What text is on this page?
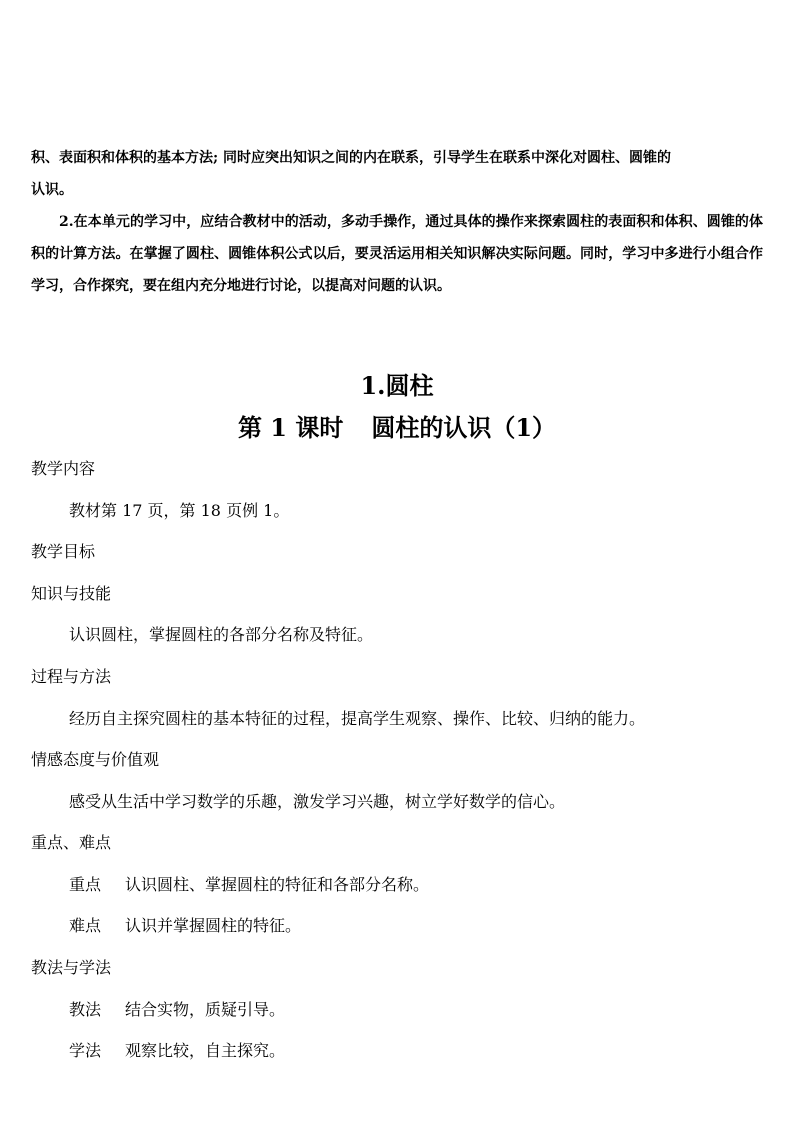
积、表面积和体积的基本方法; 同时应突出知识之间的内在联系，引导学生在联系中深化对圆柱、圆锥的

认识。

2.在本单元的学习中，应结合教材中的活动，多动手操作，通过具体的操作来探索圆柱的表面积和体积、圆锥的体积的计算方法。在掌握了圆柱、圆锥体积公式以后，要灵活运用相关知识解决实际问题。同时，学习中多进行小组合作学习，合作探究，要在组内充分地进行讨论，以提高对问题的认识。

1.圆柱
第 1 课时 圆柱的认识（1）
教学内容
教材第 17 页，第 18 页例 1。
教学目标
知识与技能
认识圆柱，掌握圆柱的各部分名称及特征。
过程与方法
经历自主探究圆柱的基本特征的过程，提高学生观察、操作、比较、归纳的能力。
情感态度与价值观
感受从生活中学习数学的乐趣，激发学习兴趣，树立学好数学的信心。
重点、难点
重点 认识圆柱、掌握圆柱的特征和各部分名称。
难点 认识并掌握圆柱的特征。
教法与学法
教法 结合实物，质疑引导。
学法 观察比较，自主探究。
